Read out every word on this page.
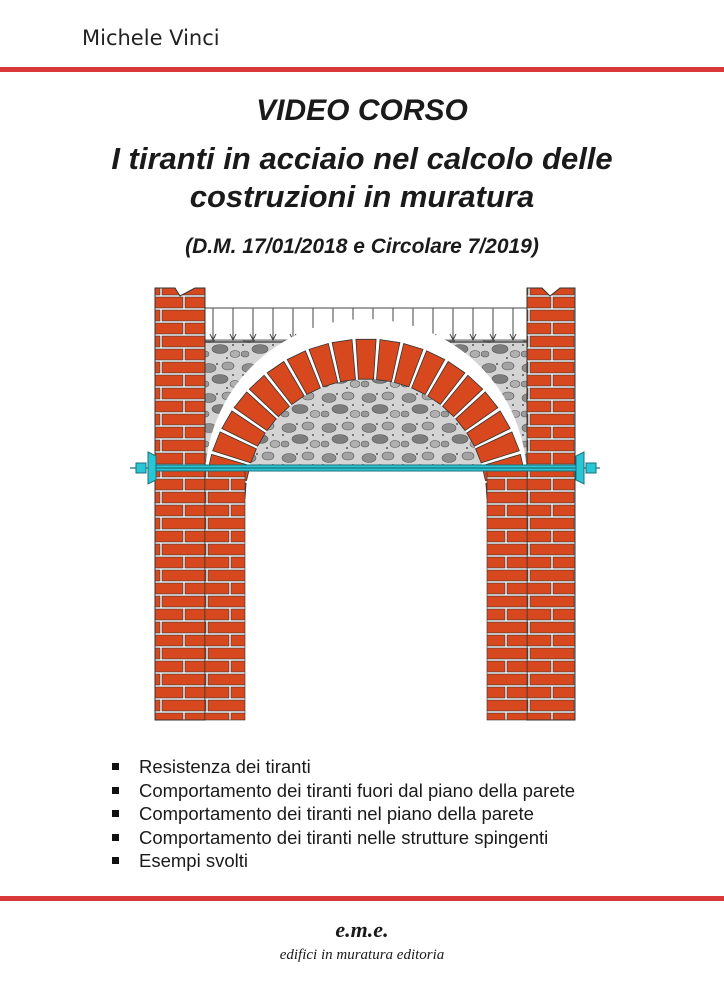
Michele Vinci
VIDEO CORSO
I tiranti in acciaio nel calcolo delle
costruzioni in muratura
(D.M. 17/01/2018 e Circolare 7/2019)
Resistenza dei tiranti
Comportamento dei tiranti fuori dal piano della parete
Comportamento dei tiranti nel piano della parete
Comportamento dei tiranti nelle strutture spingenti
Esempi svolti
e.m.e.
edifici in muratura editoria
